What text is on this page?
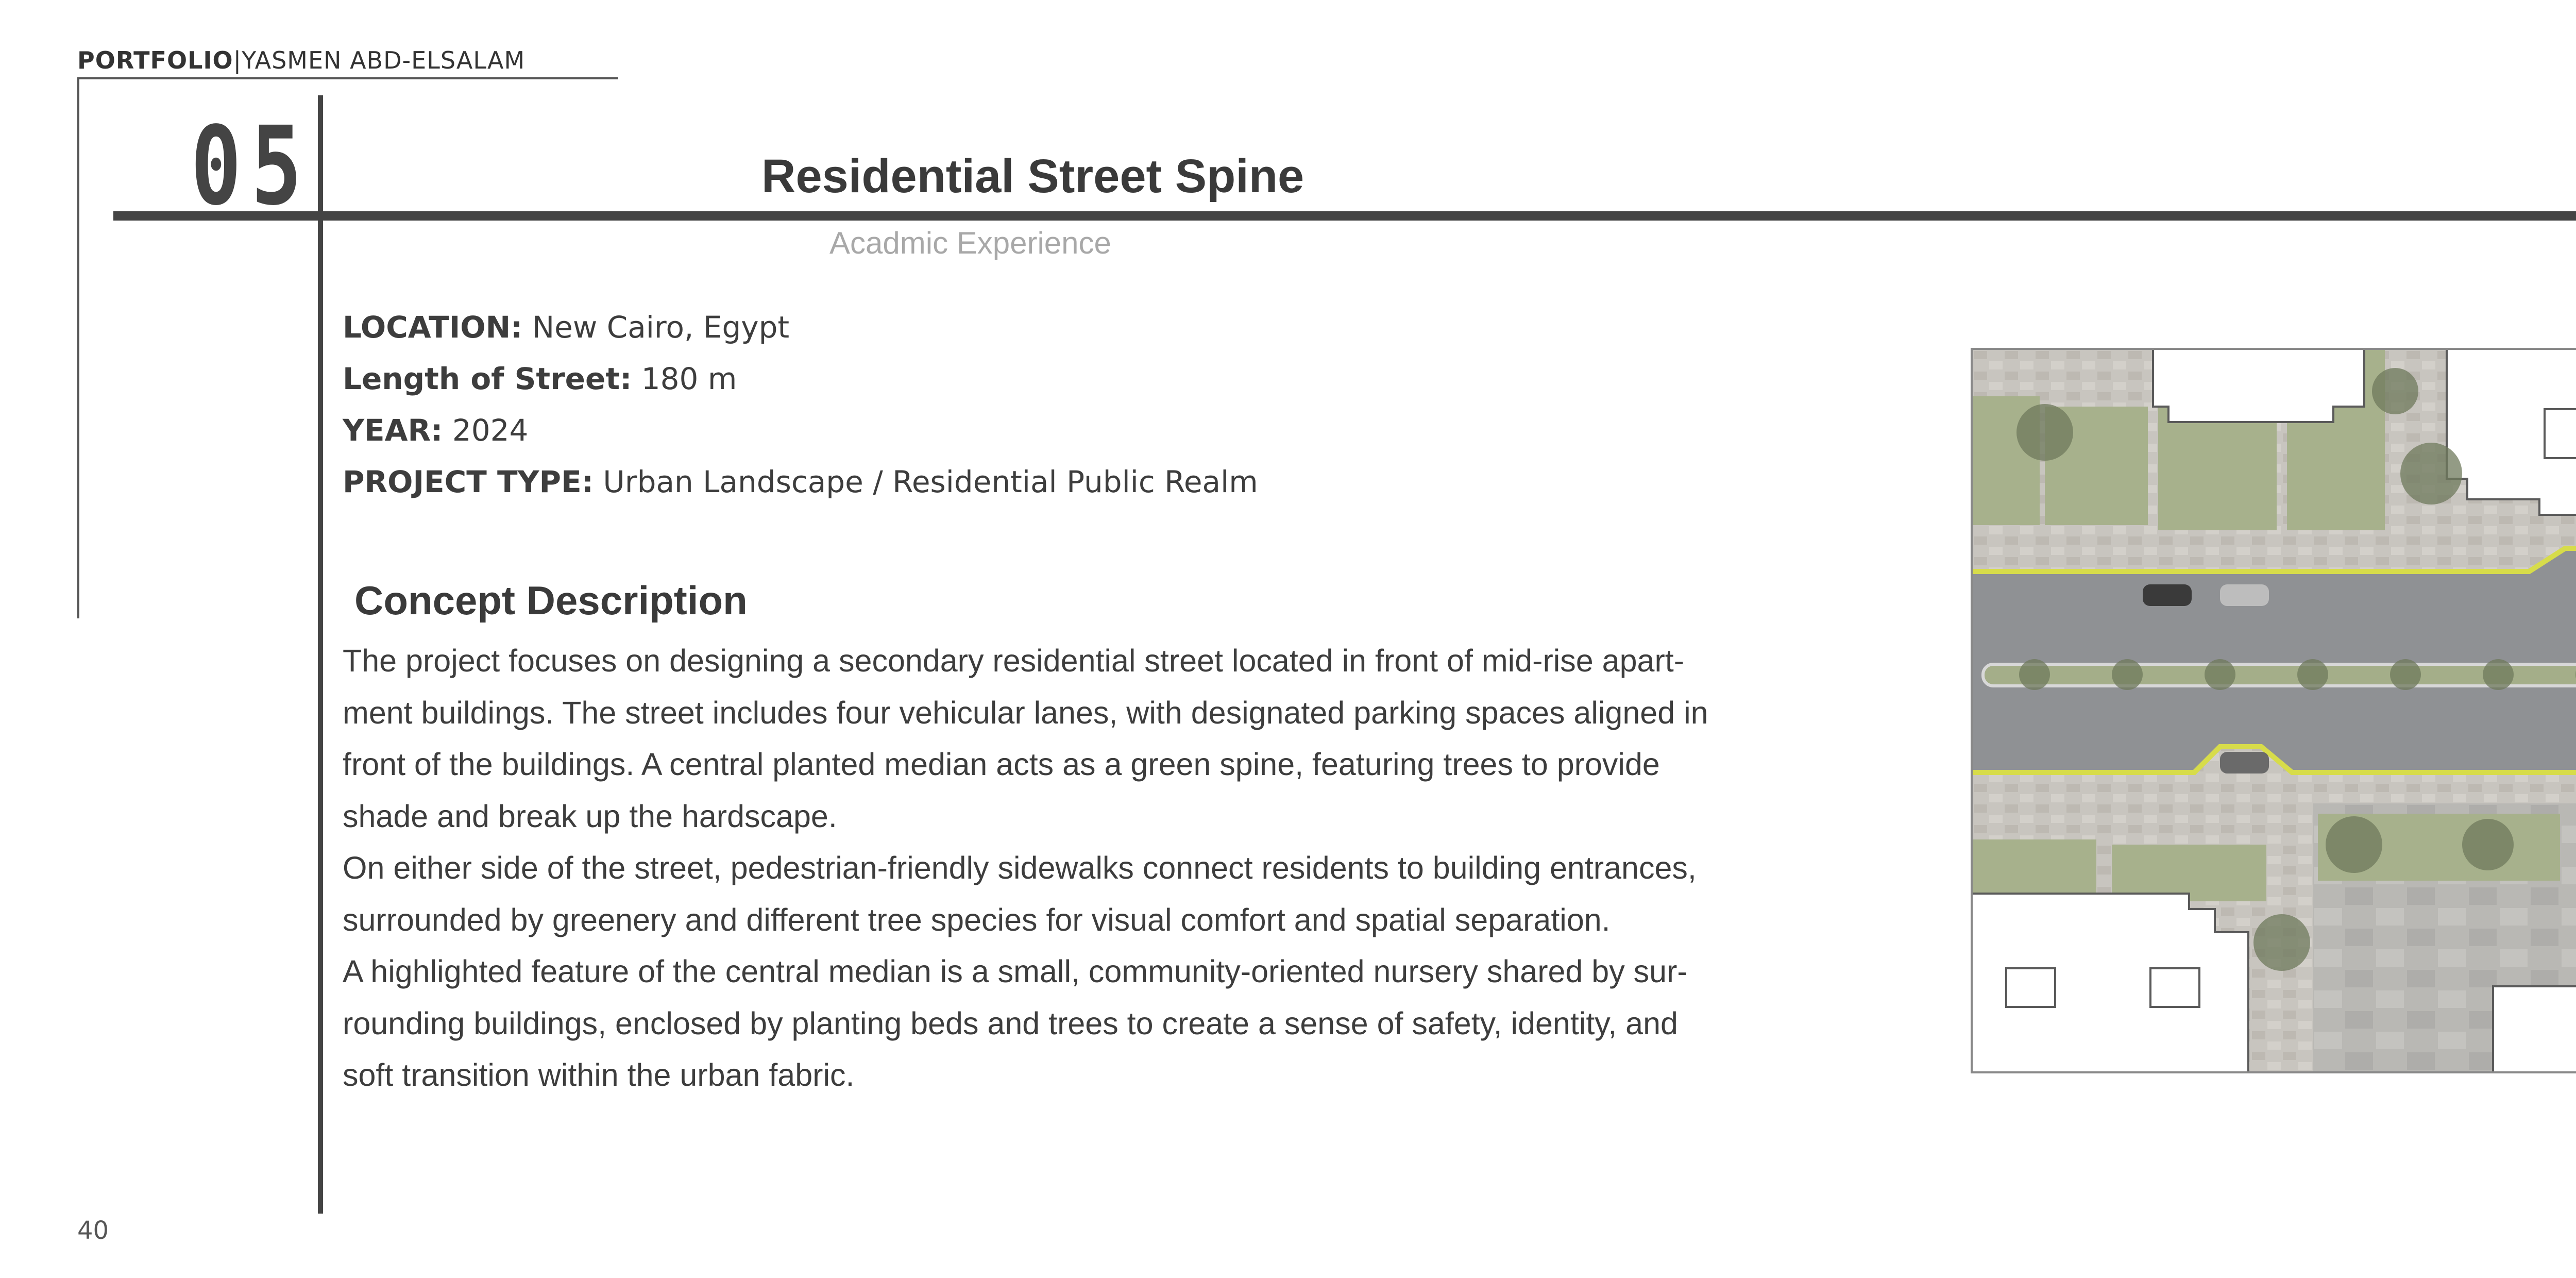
PORTFOLIO|YASMEN ABD-ELSALAM
05	Residential Street Spine
Acadmic Experience
LOCATION: New Cairo, Egypt
Length of Street: 180 m
YEAR: 2024
PROJECT TYPE: Urban Landscape / Residential Public Realm
Concept Description

The project focuses on designing a secondary residential street located in front of mid-rise apart-

ment buildings. The street includes four vehicular lanes, with designated parking spaces aligned in

front of the buildings. A central planted median acts as a green spine, featuring trees to provide

shade and break up the hardscape.

On either side of the street, pedestrian-friendly sidewalks connect residents to building entrances,

surrounded by greenery and different tree species for visual comfort and spatial separation.

A highlighted feature of the central median is a small, community-oriented nursery shared by sur-

rounding buildings, enclosed by planting beds and trees to create a sense of safety, identity, and

soft transition within the urban fabric.

40
